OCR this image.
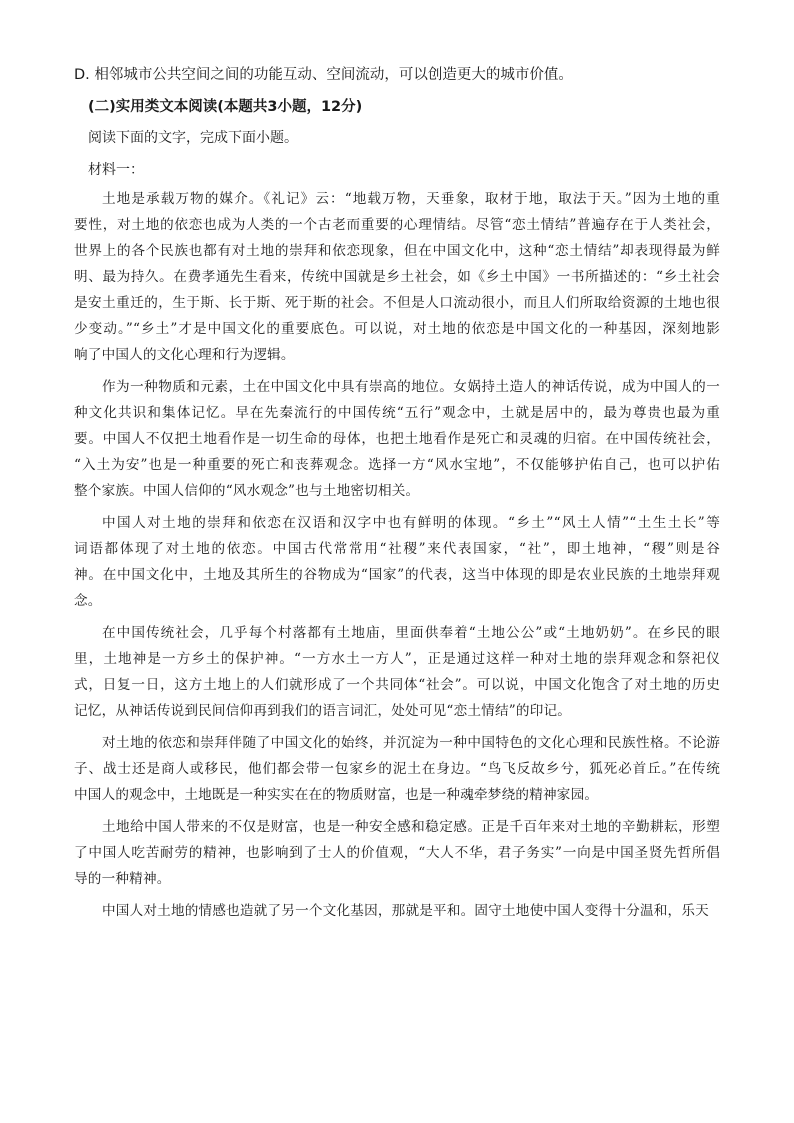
D. 相邻城市公共空间之间的功能互动、空间流动，可以创造更大的城市价值。

(二)实用类文本阅读(本题共3小题，12分)

阅读下面的文字，完成下面小题。

材料一：

土地是承载万物的媒介。《礼记》云：“地载万物，天垂象，取材于地，取法于天。”因为土地的重

要性，对土地的依恋也成为人类的一个古老而重要的心理情结。尽管“恋土情结”普遍存在于人类社会，

世界上的各个民族也都有对土地的崇拜和依恋现象，但在中国文化中，这种“恋土情结”却表现得最为鲜

明、最为持久。在费孝通先生看来，传统中国就是乡土社会，如《乡土中国》一书所描述的：“乡土社会

是安土重迁的，生于斯、长于斯、死于斯的社会。不但是人口流动很小，而且人们所取给资源的土地也很

少变动。”“乡土”才是中国文化的重要底色。可以说，对土地的依恋是中国文化的一种基因，深刻地影

响了中国人的文化心理和行为逻辑。

作为一种物质和元素，土在中国文化中具有崇高的地位。女娲持土造人的神话传说，成为中国人的一

种文化共识和集体记忆。早在先秦流行的中国传统“五行”观念中，土就是居中的，最为尊贵也最为重

要。中国人不仅把土地看作是一切生命的母体，也把土地看作是死亡和灵魂的归宿。在中国传统社会，

“入土为安”也是一种重要的死亡和丧葬观念。选择一方“风水宝地”，不仅能够护佑自己，也可以护佑

整个家族。中国人信仰的“风水观念”也与土地密切相关。

中国人对土地的崇拜和依恋在汉语和汉字中也有鲜明的体现。“乡土”“风土人情”“土生土长”等

词语都体现了对土地的依恋。中国古代常常用“社稷”来代表国家，“社”，即土地神，“稷”则是谷

神。在中国文化中，土地及其所生的谷物成为“国家”的代表，这当中体现的即是农业民族的土地崇拜观

念。

在中国传统社会，几乎每个村落都有土地庙，里面供奉着“土地公公”或“土地奶奶”。在乡民的眼

里，土地神是一方乡土的保护神。“一方水土一方人”，正是通过这样一种对土地的崇拜观念和祭祀仪

式，日复一日，这方土地上的人们就形成了一个共同体“社会”。可以说，中国文化饱含了对土地的历史

记忆，从神话传说到民间信仰再到我们的语言词汇，处处可见“恋土情结”的印记。

对土地的依恋和崇拜伴随了中国文化的始终，并沉淀为一种中国特色的文化心理和民族性格。不论游

子、战士还是商人或移民，他们都会带一包家乡的泥土在身边。“鸟飞反故乡兮，狐死必首丘。”在传统

中国人的观念中，土地既是一种实实在在的物质财富，也是一种魂牵梦绕的精神家园。

土地给中国人带来的不仅是财富，也是一种安全感和稳定感。正是千百年来对土地的辛勤耕耘，形塑

了中国人吃苦耐劳的精神，也影响到了士人的价值观，“大人不华，君子务实”一向是中国圣贤先哲所倡

导的一种精神。

中国人对土地的情感也造就了另一个文化基因，那就是平和。固守土地使中国人变得十分温和，乐天
